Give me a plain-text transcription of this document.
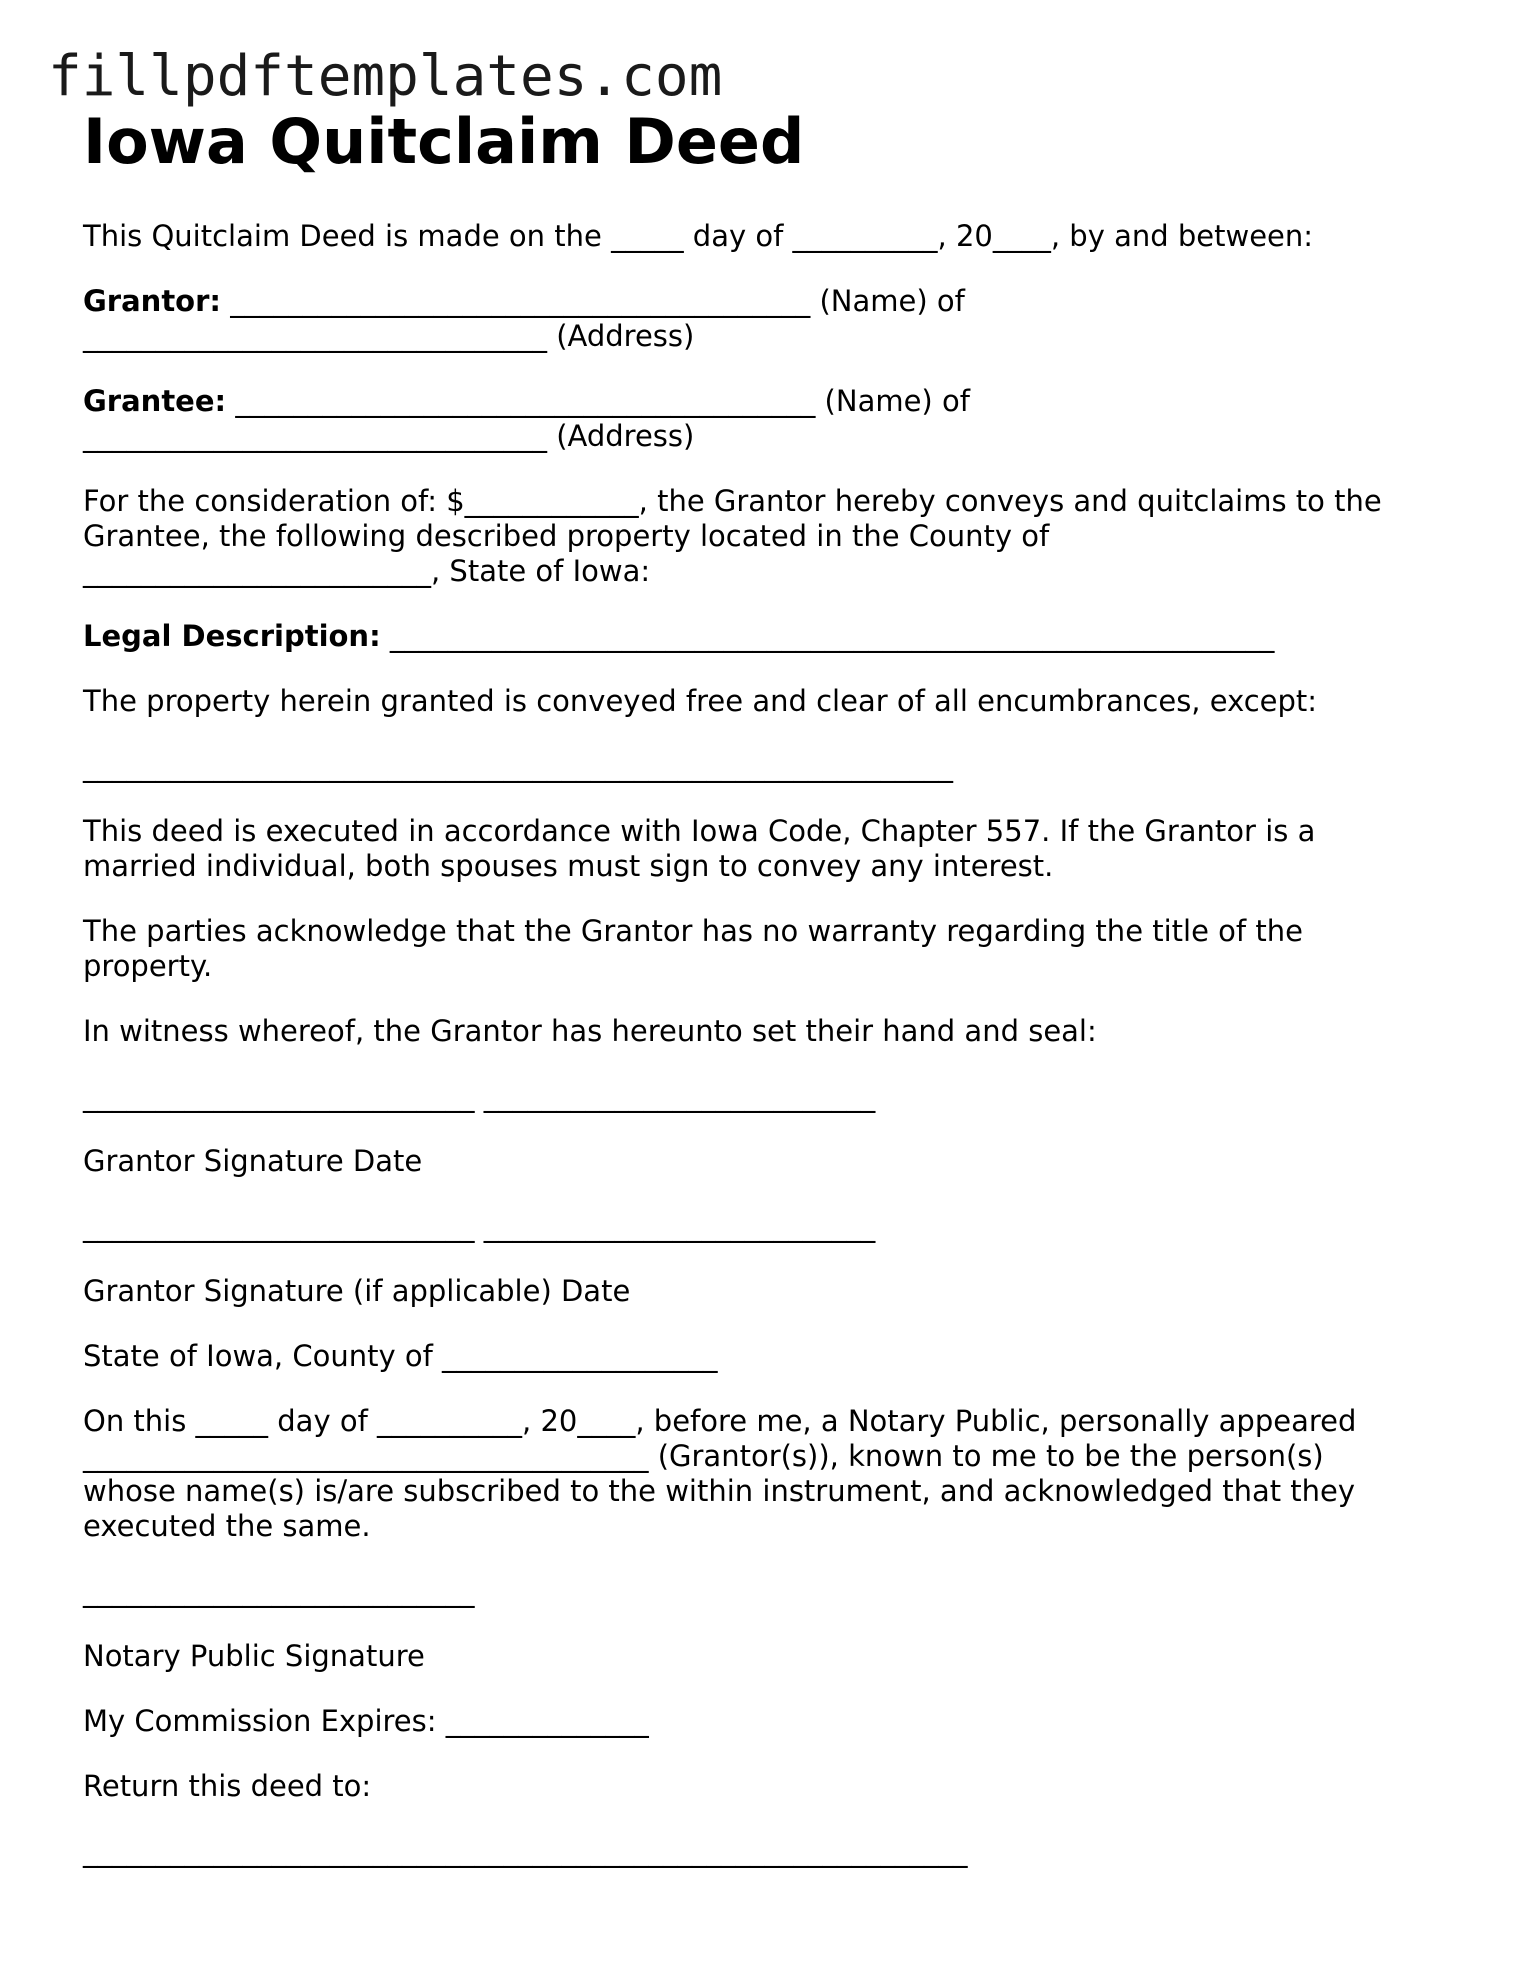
fillpdftemplates.com
Iowa Quitclaim Deed
This Quitclaim Deed is made on the _____ day of __________, 20____, by and between:
Grantor: ________________________________________ (Name) of
________________________________ (Address)
Grantee: ________________________________________ (Name) of
________________________________ (Address)
For the consideration of: $____________, the Grantor hereby conveys and quitclaims to the
Grantee, the following described property located in the County of
________________________, State of Iowa:
Legal Description: _____________________________________________________________
The property herein granted is conveyed free and clear of all encumbrances, except:
____________________________________________________________
This deed is executed in accordance with Iowa Code, Chapter 557. If the Grantor is a
married individual, both spouses must sign to convey any interest.
The parties acknowledge that the Grantor has no warranty regarding the title of the
property.
In witness whereof, the Grantor has hereunto set their hand and seal:
___________________________ ___________________________
Grantor Signature Date
___________________________ ___________________________
Grantor Signature (if applicable) Date
State of Iowa, County of ___________________
On this _____ day of __________, 20____, before me, a Notary Public, personally appeared
_______________________________________ (Grantor(s)), known to me to be the person(s)
whose name(s) is/are subscribed to the within instrument, and acknowledged that they
executed the same.
___________________________
Notary Public Signature
My Commission Expires: ______________
Return this deed to:
_____________________________________________________________
